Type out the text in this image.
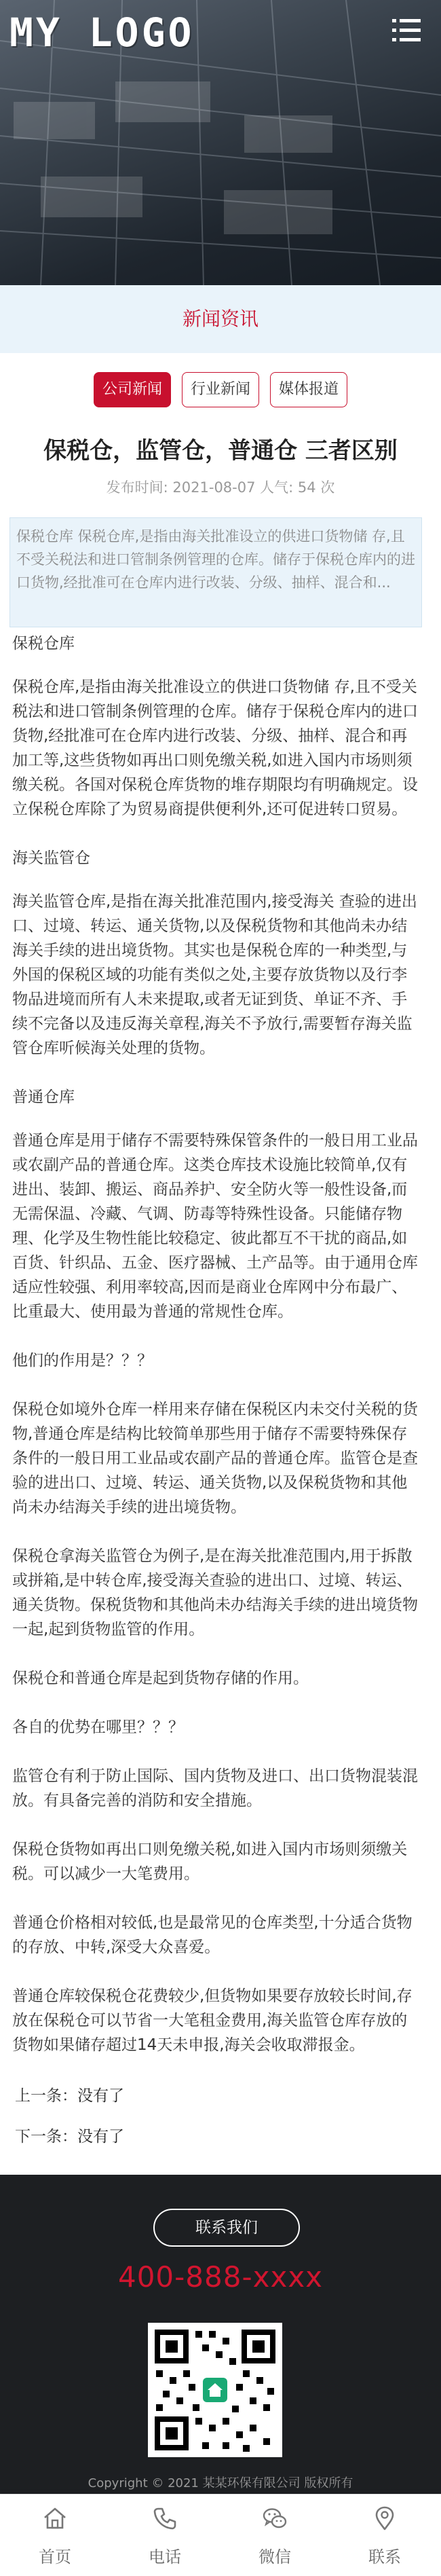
MY LOGO
新闻资讯
公司新闻 行业新闻 媒体报道
保税仓，监管仓，普通仓 三者区别
发布时间: 2021-08-07 人气: 54 次
保税仓库 保税仓库,是指由海关批准设立的供进口货物储 存,且不受关税法和进口管制条例管理的仓库。储存于保税仓库内的进口货物,经批准可在仓库内进行改装、分级、抽样、混合和...

保税仓库

保税仓库,是指由海关批准设立的供进口货物储 存,且不受关税法和进口管制条例管理的仓库。储存于保税仓库内的进口货物,经批准可在仓库内进行改装、分级、抽样、混合和再加工等,这些货物如再出口则免缴关税,如进入国内市场则须缴关税。各国对保税仓库货物的堆存期限均有明确规定。设立保税仓库除了为贸易商提供便利外,还可促进转口贸易。

海关监管仓

海关监管仓库,是指在海关批准范围内,接受海关 查验的进出口、过境、转运、通关货物,以及保税货物和其他尚未办结海关手续的进出境货物。其实也是保税仓库的一种类型,与外国的保税区域的功能有类似之处,主要存放货物以及行李物品进境而所有人未来提取,或者无证到货、单证不齐、手续不完备以及违反海关章程,海关不予放行,需要暂存海关监管仓库听候海关处理的货物。

普通仓库

普通仓库是用于储存不需要特殊保管条件的一般日用工业品或农副产品的普通仓库。这类仓库技术设施比较简单,仅有进出、装卸、搬运、商品养护、安全防火等一般性设备,而无需保温、冷藏、气调、防毒等特殊性设备。只能储存物理、化学及生物性能比较稳定、彼此都互不干扰的商品,如百货、针织品、五金、医疗器械、土产品等。由于通用仓库适应性较强、利用率较高,因而是商业仓库网中分布最广、比重最大、使用最为普通的常规性仓库。

他们的作用是？？？

保税仓如境外仓库一样用来存储在保税区内未交付关税的货物,普通仓库是结构比较简单那些用于储存不需要特殊保存条件的一般日用工业品或农副产品的普通仓库。监管仓是查验的进出口、过境、转运、通关货物,以及保税货物和其他尚未办结海关手续的进出境货物。

保税仓拿海关监管仓为例子,是在海关批准范围内,用于拆散或拼箱,是中转仓库,接受海关查验的进出口、过境、转运、通关货物。保税货物和其他尚未办结海关手续的进出境货物一起,起到货物监管的作用。

保税仓和普通仓库是起到货物存储的作用。

各自的优势在哪里？？？

监管仓有利于防止国际、国内货物及进口、出口货物混装混放。有具备完善的消防和安全措施。

保税仓货物如再出口则免缴关税,如进入国内市场则须缴关税。可以减少一大笔费用。

普通仓价格相对较低,也是最常见的仓库类型,十分适合货物的存放、中转,深受大众喜爱。

普通仓库较保税仓花费较少,但货物如果要存放较长时间,存放在保税仓可以节省一大笔租金费用,海关监管仓库存放的货物如果储存超过14天未申报,海关会收取滞报金。

上一条：没有了
下一条：没有了
联系我们
400-888-xxxx
Copyright © 2021 某某环保有限公司 版权所有
首页	电话	微信	联系
